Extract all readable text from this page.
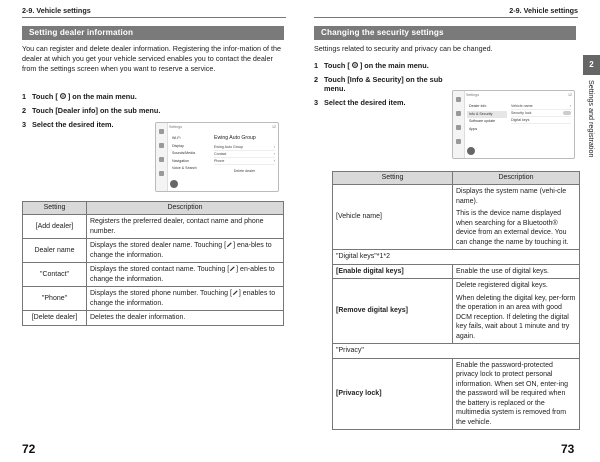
2-9. Vehicle settings
Setting dealer information
You can register and delete dealer information. Registering the infor-mation of the dealer at which you get your vehicle serviced enables you to contact the dealer from the settings screen when you want to reserve a service.
1 Touch [ ] on the main menu.
2 Touch [Dealer info] on the sub menu.
3 Select the desired item.	Settings	12
Wi-Fi
Display
Sounds/Media
Navigation
Voice & Search
Ewing Auto Group
Ewing Auto Group	›
Contact	›
Phone	›
Delete dealer
Setting	Description
[Add dealer]	Registers the preferred dealer, contact name and phone number.
Dealer name	Displays the stored dealer name. Touching [ ] ena-bles to change the information.
"Contact"	Displays the stored contact name. Touching [ ] en-ables to change the information.
"Phone"	Displays the stored phone number. Touching [ ] enables to change the information.
[Delete dealer]	Deletes the dealer information.
72
2-9. Vehicle settings
Changing the security settings
Settings related to security and privacy can be changed.
1 Touch [ ] on the main menu.
2 Touch [Info & Security] on the sub menu.
3 Select the desired item.
Settings	12
Dealer info
Info & Security
Software update
Apps
Vehicle name	›
Security lock
Digital keys
73
Setting	Description
[Vehicle name]	Displays the system name (vehi-cle name).
This is the device name displayed when searching for a Bluetooth® device from an external device. You can change the name by touching it.

"Digital keys"*1*2	
[Enable digital keys]	Enable the use of digital keys.
[Remove digital keys]	Delete registered digital keys.
When deleting the digital key, per-form the operation in an area with good DCM reception. If deleting the digital key fails, wait about 1 minute and try again.

"Privacy"	
[Privacy lock]	Enable the password-protected privacy lock to protect personal information. When set ON, enter-ing the password will be required when the battery is replaced or the multimedia system is removed from the vehicle.
2
Settings and registration
